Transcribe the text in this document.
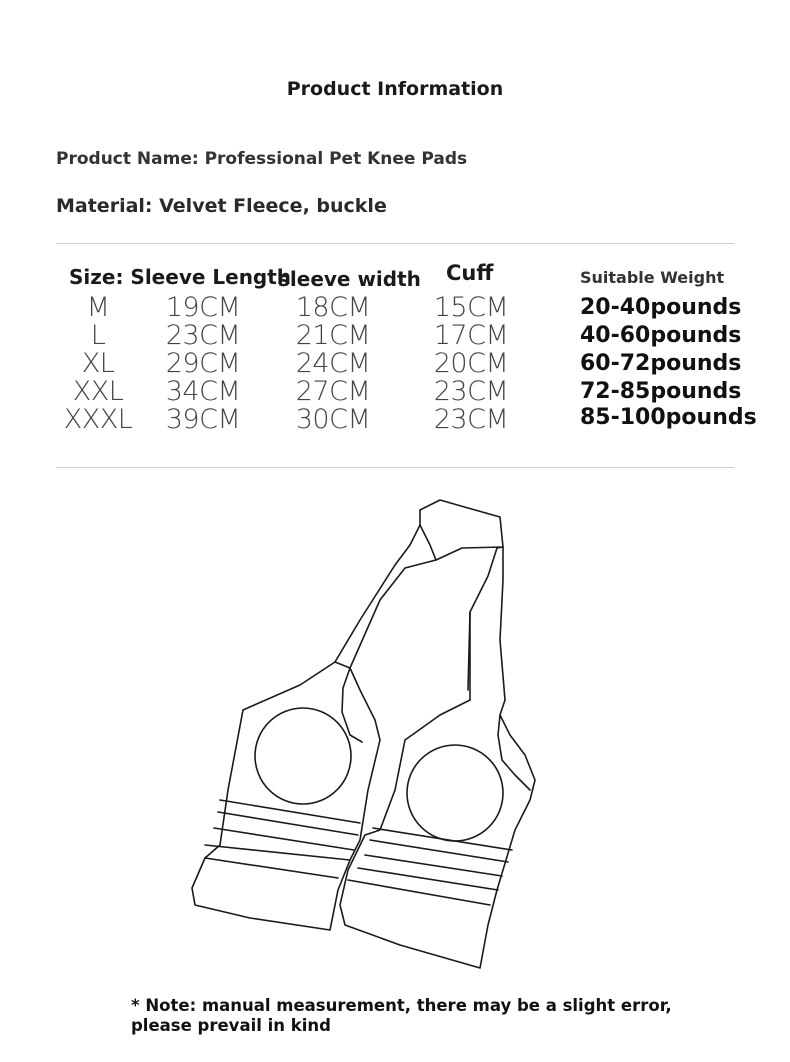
Product Information
Product Name: Professional Pet Knee Pads
Material: Velvet Fleece, buckle
Size: Sleeve Length
sleeve width Cuff	Suitable Weight
M
L
XL
XXL
XXXL
19CM
23CM
29CM
34CM
39CM
18CM
21CM
24CM
27CM
30CM
15CM
17CM
20CM
23CM
23CM
20-40pounds
40-60pounds
60-72pounds
72-85pounds
85-100pounds
* Note: manual measurement, there may be a slight error,
please prevail in kind
